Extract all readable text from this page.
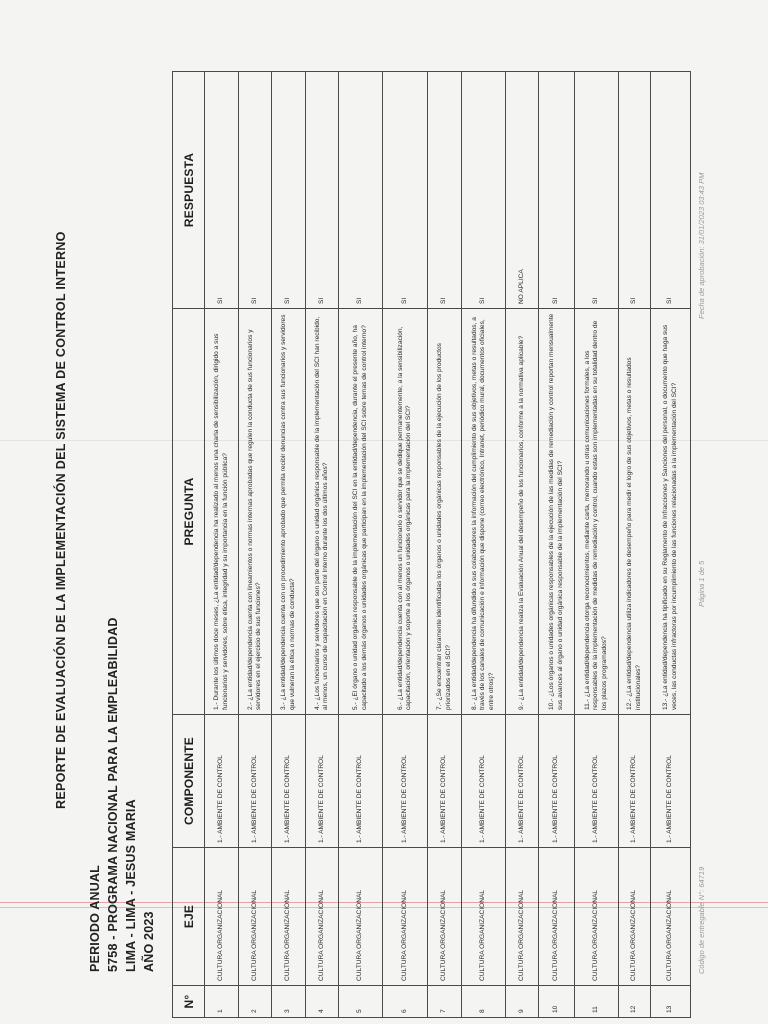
REPORTE DE EVALUACIÓN DE LA IMPLEMENTACIÓN DEL SISTEMA DE CONTROL INTERNO
PERIODO ANUAL 5758 - PROGRAMA NACIONAL PARA LA EMPLEABILIDAD LIMA - LIMA - JESUS MARIA AÑO 2023
N°	EJE	COMPONENTE	PREGUNTA	RESPUESTA
1	CULTURA ORGANIZACIONAL	1.- AMBIENTE DE CONTROL	1.- Durante los últimos doce meses, ¿La entidad/dependencia ha realizado al menos una charla de sensibilización, dirigido a sus funcionarios y servidores, sobre ética, integridad y su importancia en la función pública?	SI
2	CULTURA ORGANIZACIONAL	1.- AMBIENTE DE CONTROL	2.- ¿La entidad/dependencia cuenta con lineamientos o normas internas aprobadas que regulen la conducta de sus funcionarios y servidores en el ejercicio de sus funciones?	SI
3	CULTURA ORGANIZACIONAL	1.- AMBIENTE DE CONTROL	3.- ¿La entidad/dependencia cuenta con un procedimiento aprobado que permita recibir denuncias contra sus funcionarios y servidores que vulneran la ética o normas de conducta?	SI
4	CULTURA ORGANIZACIONAL	1.- AMBIENTE DE CONTROL	4.- ¿Los funcionarios y servidores que son parte del órgano o unidad orgánica responsable de la implementación del SCI han recibido, al menos, un curso de capacitación en Control Interno durante los dos últimos años?	SI
5	CULTURA ORGANIZACIONAL	1.- AMBIENTE DE CONTROL	5.- ¿El órgano o unidad orgánica responsable de la implementación del SCI en la entidad/dependencia, durante el presente año, ha capacitado a los demás órganos o unidades orgánicas que participan en la implementación del SCI sobre temas de control interno?	SI
6	CULTURA ORGANIZACIONAL	1.- AMBIENTE DE CONTROL	6.- ¿La entidad/dependencia cuenta con al menos un funcionario o servidor que se dedique permanentemente, a la sensibilización, capacitación, orientación y soporte a los órganos o unidades orgánicas para la implementación del SCI?	SI
7	CULTURA ORGANIZACIONAL	1.- AMBIENTE DE CONTROL	7.- ¿Se encuentran claramente identificadas los órganos o unidades orgánicas responsables de la ejecución de los productos priorizados en el SCI?	SI
8	CULTURA ORGANIZACIONAL	1.- AMBIENTE DE CONTROL	8.- ¿La entidad/dependencia ha difundido a sus colaboradores la información del cumplimiento de sus objetivos, metas o resultados, a través de los canales de comunicación e información que dispone (correo electrónico, Intranet, periódico mural, documentos oficiales, entre otros)?	SI
9	CULTURA ORGANIZACIONAL	1.- AMBIENTE DE CONTROL	9.- ¿La entidad/dependencia realiza la Evaluación Anual del desempeño de los funcionarios, conforme a la normativa aplicable?	NO APLICA
10	CULTURA ORGANIZACIONAL	1.- AMBIENTE DE CONTROL	10.- ¿Los órganos o unidades orgánicas responsables de la ejecución de las medidas de remediación y control reportan mensualmente sus avances al órgano o unidad orgánica responsable de la implementación del SCI?	SI
11	CULTURA ORGANIZACIONAL	1.- AMBIENTE DE CONTROL	11.- ¿La entidad/dependencia otorga reconocimientos, mediante carta, memorando u otras comunicaciones formales, a los responsables de la implementación de medidas de remediación y control, cuando estas son implementadas en su totalidad dentro de los plazos programados?	SI
12	CULTURA ORGANIZACIONAL	1.- AMBIENTE DE CONTROL	12.- ¿La entidad/dependencia utiliza indicadores de desempeño para medir el logro de sus objetivos, metas o resultados institucionales?	SI
13	CULTURA ORGANIZACIONAL	1.- AMBIENTE DE CONTROL	13.- ¿La entidad/dependencia ha tipificado en su Reglamento de Infracciones y Sanciones del personal, o documento que haga sus veces, las conductas infractoras por incumplimiento de las funciones relacionadas a la implementación del SCI?	SI
Código de entregable N°: 64719
Página 1 de 5
Fecha de aprobación: 31/01/2023 03:43 PM
